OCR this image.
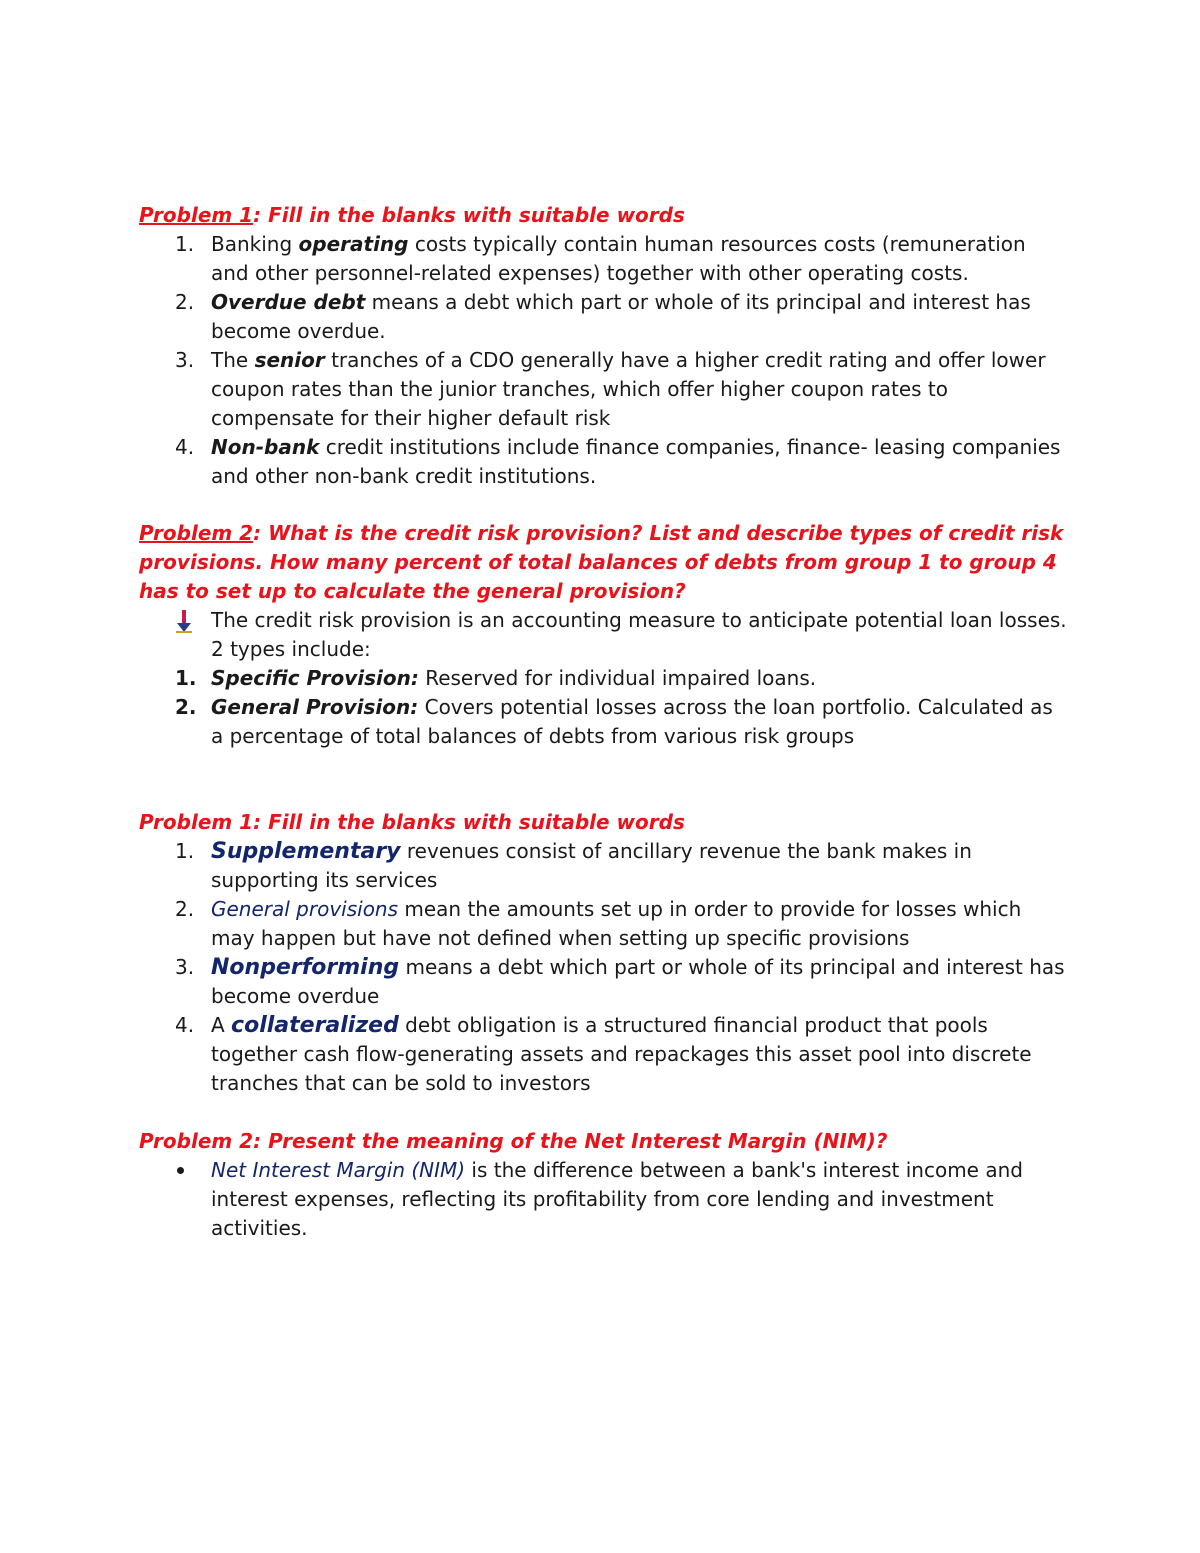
Problem 1: Fill in the blanks with suitable words

1. Banking operating costs typically contain human resources costs (remuneration and other personnel-related expenses) together with other operating costs.
2. Overdue debt means a debt which part or whole of its principal and interest has become overdue.
3. The senior tranches of a CDO generally have a higher credit rating and offer lower coupon rates than the junior tranches, which offer higher coupon rates to compensate for their higher default risk
4. Non-bank credit institutions include finance companies, finance- leasing companies and other non-bank credit institutions.

Problem 2: What is the credit risk provision? List and describe types of credit risk provisions. How many percent of total balances of debts from group 1 to group 4 has to set up to calculate the general provision?

The credit risk provision is an accounting measure to anticipate potential loan losses. 2 types include:
1. Specific Provision: Reserved for individual impaired loans.
2. General Provision: Covers potential losses across the loan portfolio. Calculated as a percentage of total balances of debts from various risk groups

Problem 1: Fill in the blanks with suitable words

1. Supplementary revenues consist of ancillary revenue the bank makes in supporting its services
2. General provisions mean the amounts set up in order to provide for losses which may happen but have not defined when setting up specific provisions
3. Nonperforming means a debt which part or whole of its principal and interest has become overdue
4. A collateralized debt obligation is a structured financial product that pools together cash flow-generating assets and repackages this asset pool into discrete tranches that can be sold to investors

Problem 2: Present the meaning of the Net Interest Margin (NIM)?

Net Interest Margin (NIM) is the difference between a bank's interest income and interest expenses, reflecting its profitability from core lending and investment activities.
